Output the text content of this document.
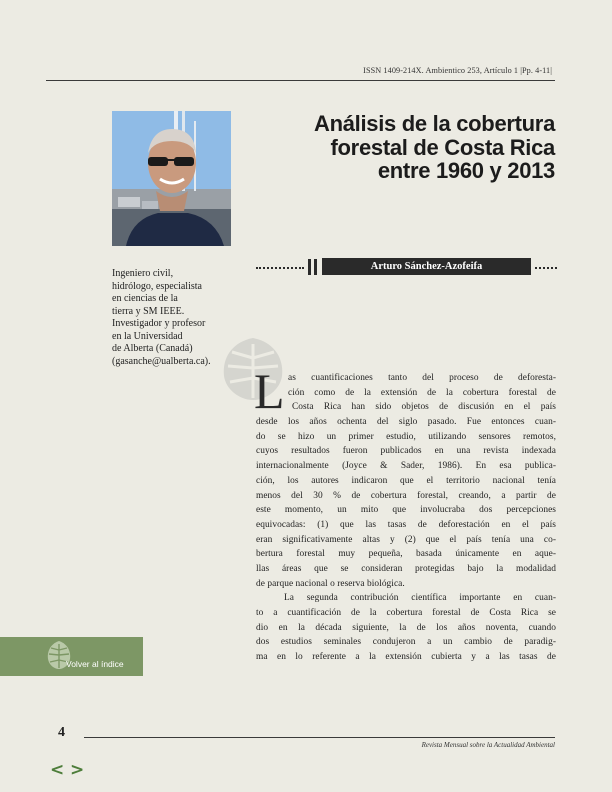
ISSN 1409-214X. Ambientico 253, Artículo 1 |Pp. 4-11|
Análisis de la cobertura
forestal de Costa Rica
entre 1960 y 2013
Arturo Sánchez-Azofeifa
Ingeniero civil,
hidrólogo, especialista
en ciencias de la
tierra y SM IEEE.
Investigador y profesor
en la Universidad
de Alberta (Canadá)
(gasanche@ualberta.ca).
L as cuantificaciones tanto del proceso de deforesta-
ción como de la extensión de la cobertura forestal de
Costa Rica han sido objetos de discusión en el país
desde los años ochenta del siglo pasado. Fue entonces cuan-
do se hizo un primer estudio, utilizando sensores remotos,
cuyos resultados fueron publicados en una revista indexada
internacionalmente (Joyce & Sader, 1986). En esa publica-
ción, los autores indicaron que el territorio nacional tenía
menos del 30 % de cobertura forestal, creando, a partir de
este momento, un mito que involucraba dos percepciones
equivocadas: (1) que las tasas de deforestación en el país
eran significativamente altas y (2) que el país tenía una co-
bertura forestal muy pequeña, basada únicamente en aque-
llas áreas que se consideran protegidas bajo la modalidad
de parque nacional o reserva biológica.
La segunda contribución científica importante en cuan-
to a cuantificación de la cobertura forestal de Costa Rica se
dio en la década siguiente, la de los años noventa, cuando
dos estudios seminales condujeron a un cambio de paradig-
ma en lo referente a la extensión cubierta y a las tasas de
Volver al índice
4
Revista Mensual sobre la Actualidad Ambiental
< >
